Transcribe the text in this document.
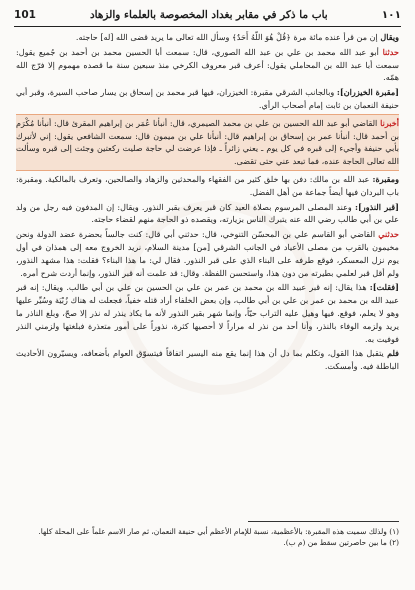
١٠١
باب ما ذكر في مقابر بغداد المخصوصة بالعلماء والزهاد
101

ويقال إن من قرأ عنده مائة مرة ﴿قُلْ هُوَ اللَّهُ أَحَدٌ﴾ وسأل الله تعالى ما يريد قضى الله [له] حاجته.

حدثنا أبو عبد الله محمد بن علي بن عبد الله الصوري، قال: سمعت أبا الحسين محمد بن أحمد بن جُميع يقول: سمعت أبا عبد الله بن المحاملي يقول: أعرف قبر معروف الكرخي منذ سبعين سنة ما قصده مهموم إلا فرّج الله همّه.

[مقبرة الخيزران]: وبالجانب الشرقي مقبرة: الخيزران، فيها قبر محمد بن إسحاق بن يسار صاحب السيرة، وقبر أبي حنيفة النعمان بن ثابت إمام أصحاب الرأي.

أخبرنا القاضي أبو عبد الله الحسين بن علي بن محمد الصيمري، قال: أنبأنا عُمَر بن إبراهيم المقرئ قال: أنبأنا مُكْرَم بن أحمد قال: أنبأنا عمر بن إسحاق بن إبراهيم قال: أنبأنا علي بن ميمون قال: سمعت الشافعي يقول: إني لأتبرك بأبي حنيفة وأجيء إلى قبره في كل يوم ـ يعني زائراً ـ فإذا عرضت لي حاجة صليت ركعتين وجئت إلى قبره وسألت الله تعالى الحاجة عنده، فما تبعد عني حتى تقضى.

ومقبرة: عبد الله بن مالك: دفن بها خلق كثير من الفقهاء والمحدثين والزهاد والصالحين، وتعرف بالمالكية. ومقبرة: باب البردان فيها أيضاً جماعة من أهل الفضل.

[قبر النذور]: وعند المصلى المرسوم بصلاة العيد كان قبر يعرف بقبر النذور. ويقال: إن المدفون فيه رجل من ولد علي بن أبي طالب رضي الله عنه يتبرك الناس بزيارته، ويقصده ذو الحاجة منهم لقضاء حاجته.

حدثني القاضي أبو القاسم علي بن المحسّن التنوخي، قال: حدثني أبي قال: كنت جالساً بحضرة عضد الدولة ونحن مخيمون بالقرب من مصلى الأعياد في الجانب الشرقي [من] مدينة السلام، نريد الخروج معه إلى همذان في أول يوم نزل المعسكر، فوقع طرفه على البناء الذي على قبر النذور. فقال لي: ما هذا البناء؟ فقلت: هذا مشهد النذور، ولم أقل قبر لعلمي بطيرته من دون هذا، واستحسن اللفظة. وقال: قد علمت أنه قبر النذور، وإنما أردت شرح أمره.

[فقلت]: هذا يقال: إنه قبر عبيد الله بن محمد بن عمر بن علي بن الحسين بن علي بن أبي طالب. ويقال: إنه قبر عبيد الله بن محمد بن عمر بن علي بن أبي طالب، وإن بعض الخلفاء أراد قتله خفياً، فجعلت له هناك زُبْيَة وسُيِّر عليها وهو لا يعلم، فوقع. فيها وهيل عليه التراب حيّاً، وإنما شهر بقبر النذور لأنه ما يكاد ينذر له نذر إلا صحّ، وبلغ الناذر ما يريد ولزمه الوفاء بالنذر، وأنا أحد من نذر له مراراً لا أحصيها كثرة، نذوراً على أمور متعذرة فبلغتها ولزمني النذر فوفيت به.

فلم يتقبل هذا القول، وتكلم بما دل أن هذا إنما يقع منه اليسير اتفاقاً فيتسوّق العوام بأضعافه، ويسيّرون الأحاديث الباطلة فيه. وأمسكت.

(١) ولذلك سميت هذه المقبرة: بالأعظمية، نسبة للإمام الأعظم أبي حنيفة النعمان، ثم صار الاسم علماً على المحلة كلها.

(٢) ما بين حاصرتين سقط من (م ب).
